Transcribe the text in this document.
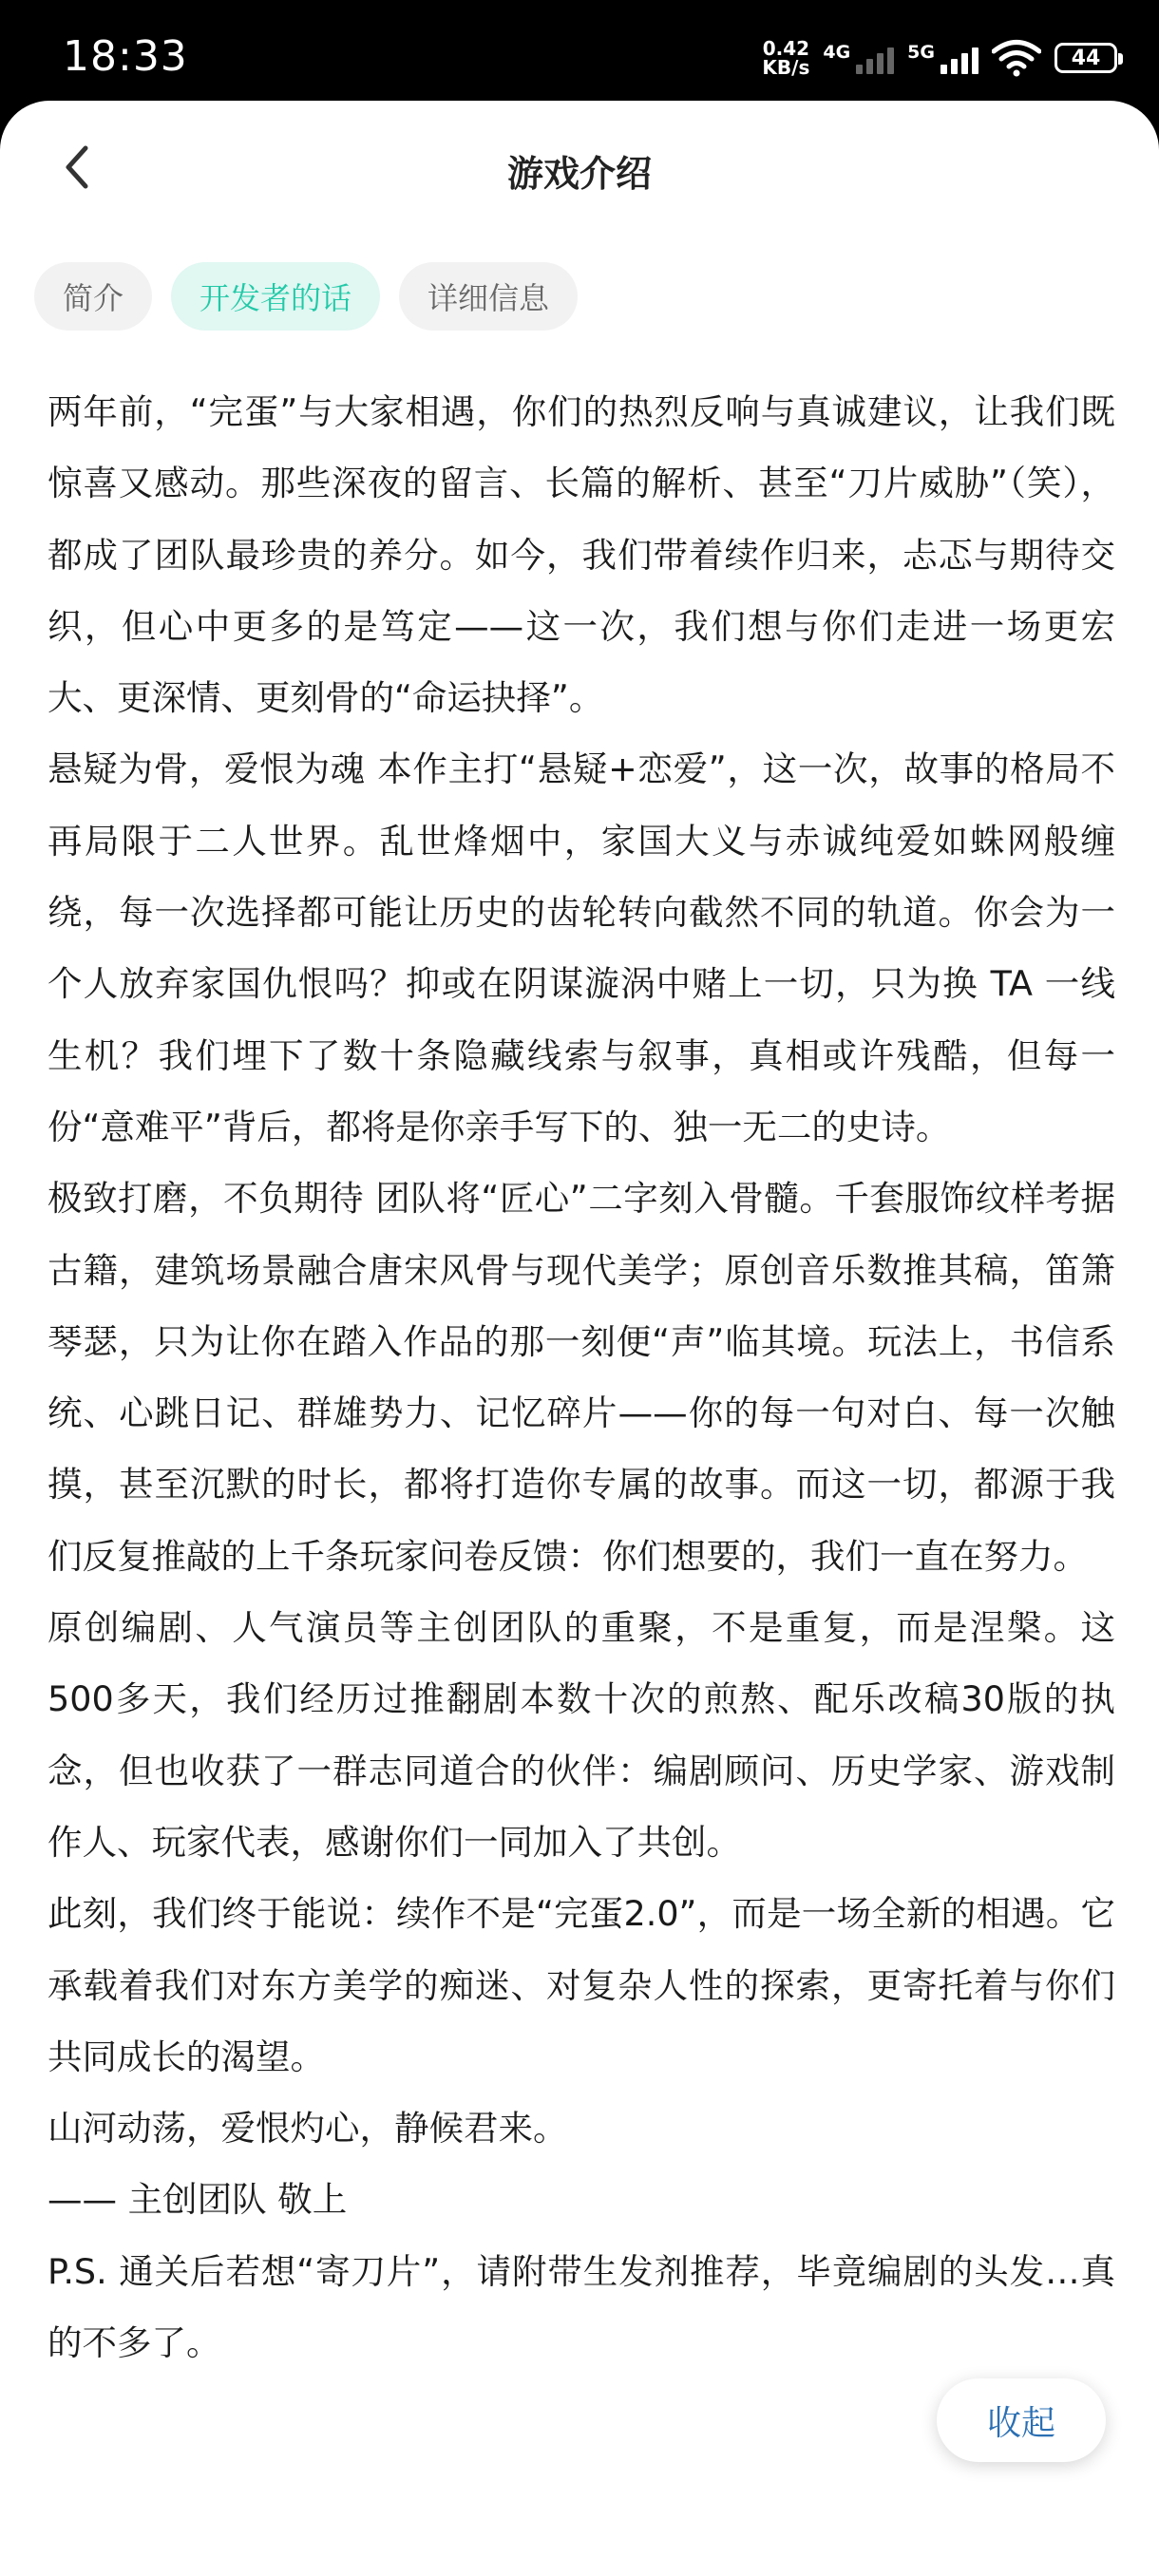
18:33	0.42
KB/s
4G	5G	44
游戏介绍
简介	开发者的话	详细信息

两年前，“完蛋”与大家相遇，你们的热烈反响与真诚建议，让我们既惊喜又感动。那些深夜的留言、长篇的解析、甚至“刀片威胁”（笑），都成了团队最珍贵的养分。如今，我们带着续作归来，忐忑与期待交织，但心中更多的是笃定——这一次，我们想与你们走进一场更宏大、更深情、更刻骨的“命运抉择”。

悬疑为骨，爱恨为魂 本作主打“悬疑+恋爱”，这一次，故事的格局不再局限于二人世界。乱世烽烟中，家国大义与赤诚纯爱如蛛网般缠绕，每一次选择都可能让历史的齿轮转向截然不同的轨道。你会为一个人放弃家国仇恨吗？抑或在阴谋漩涡中赌上一切，只为换 TA 一线生机？我们埋下了数十条隐藏线索与叙事，真相或许残酷，但每一份“意难平”背后，都将是你亲手写下的、独一无二的史诗。

极致打磨，不负期待 团队将“匠心”二字刻入骨髓。千套服饰纹样考据古籍，建筑场景融合唐宋风骨与现代美学；原创音乐数推其稿，笛箫琴瑟，只为让你在踏入作品的那一刻便“声”临其境。玩法上，书信系统、心跳日记、群雄势力、记忆碎片——你的每一句对白、每一次触摸，甚至沉默的时长，都将打造你专属的故事。而这一切，都源于我们反复推敲的上千条玩家问卷反馈：你们想要的，我们一直在努力。

原创编剧、人气演员等主创团队的重聚，不是重复，而是涅槃。这500多天，我们经历过推翻剧本数十次的煎熬、配乐改稿30版的执念，但也收获了一群志同道合的伙伴：编剧顾问、历史学家、游戏制作人、玩家代表，感谢你们一同加入了共创。

此刻，我们终于能说：续作不是“完蛋2.0”，而是一场全新的相遇。它承载着我们对东方美学的痴迷、对复杂人性的探索，更寄托着与你们共同成长的渴望。

山河动荡，爱恨灼心，静候君来。

—— 主创团队 敬上

P.S. 通关后若想“寄刀片”，请附带生发剂推荐，毕竟编剧的头发…真的不多了。

收起
